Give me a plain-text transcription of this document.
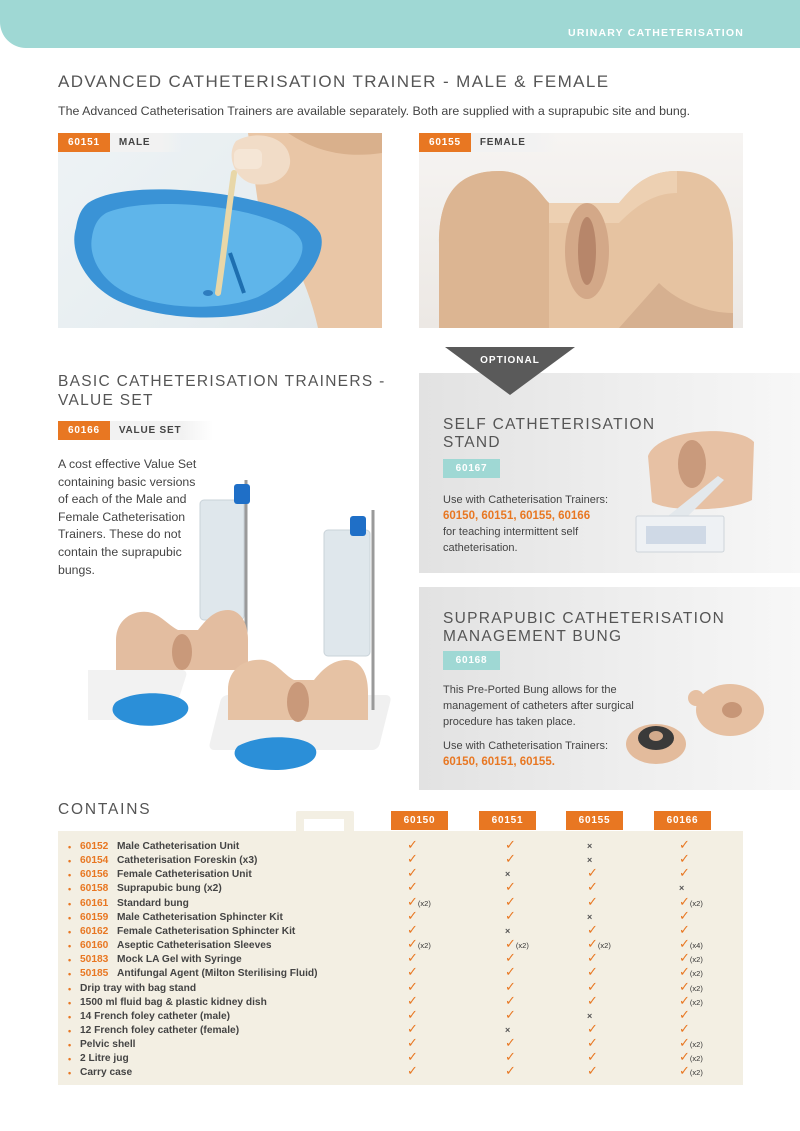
URINARY CATHETERISATION
ADVANCED CATHETERISATION TRAINER - MALE & FEMALE

The Advanced Catheterisation Trainers are available separately. Both are supplied with a suprapubic site and bung.

60151	MALE	60155	FEMALE
OPTIONAL
BASIC CATHETERISATION TRAINERS -
VALUE SET
60166	VALUE SET

A cost effective Value Set containing basic versions of each of the Male and Female Catheterisation Trainers. These do not contain the suprapubic bungs.

SELF CATHETERISATION
STAND
60167
Use with Catheterisation Trainers:
60150, 60151, 60155, 60166
for teaching intermittent self
catheterisation.
SUPRAPUBIC CATHETERISATION
MANAGEMENT BUNG
60168
This Pre-Ported Bung allows for the
management of catheters after surgical
procedure has taken place.
Use with Catheterisation Trainers:
60150, 60151, 60155.
CONTAINS
60150	60151	60155	60166
• 60152 Male Catheterisation Unit	✓	✓	×	✓
• 60154 Catheterisation Foreskin (x3)	✓	✓	×	✓
• 60156 Female Catheterisation Unit	✓	×	✓	✓
• 60158 Suprapubic bung (x2)	✓	✓	✓	×
• 60161 Standard bung	✓(x2)	✓	✓	✓(x2)
• 60159 Male Catheterisation Sphincter Kit	✓	✓	×	✓
• 60162 Female Catheterisation Sphincter Kit	✓	×	✓	✓
• 60160 Aseptic Catheterisation Sleeves	✓(x2)	✓(x2)	✓(x2)	✓(x4)
• 50183 Mock LA Gel with Syringe	✓	✓	✓	✓(x2)
• 50185 Antifungal Agent (Milton Sterilising Fluid)	✓	✓	✓	✓(x2)
• Drip tray with bag stand	✓	✓	✓	✓(x2)
• 1500 ml fluid bag & plastic kidney dish	✓	✓	✓	✓(x2)
• 14 French foley catheter (male)	✓	✓	×	✓
• 12 French foley catheter (female)	✓	×	✓	✓
• Pelvic shell	✓	✓	✓	✓(x2)
• 2 Litre jug	✓	✓	✓	✓(x2)
• Carry case	✓	✓	✓	✓(x2)
